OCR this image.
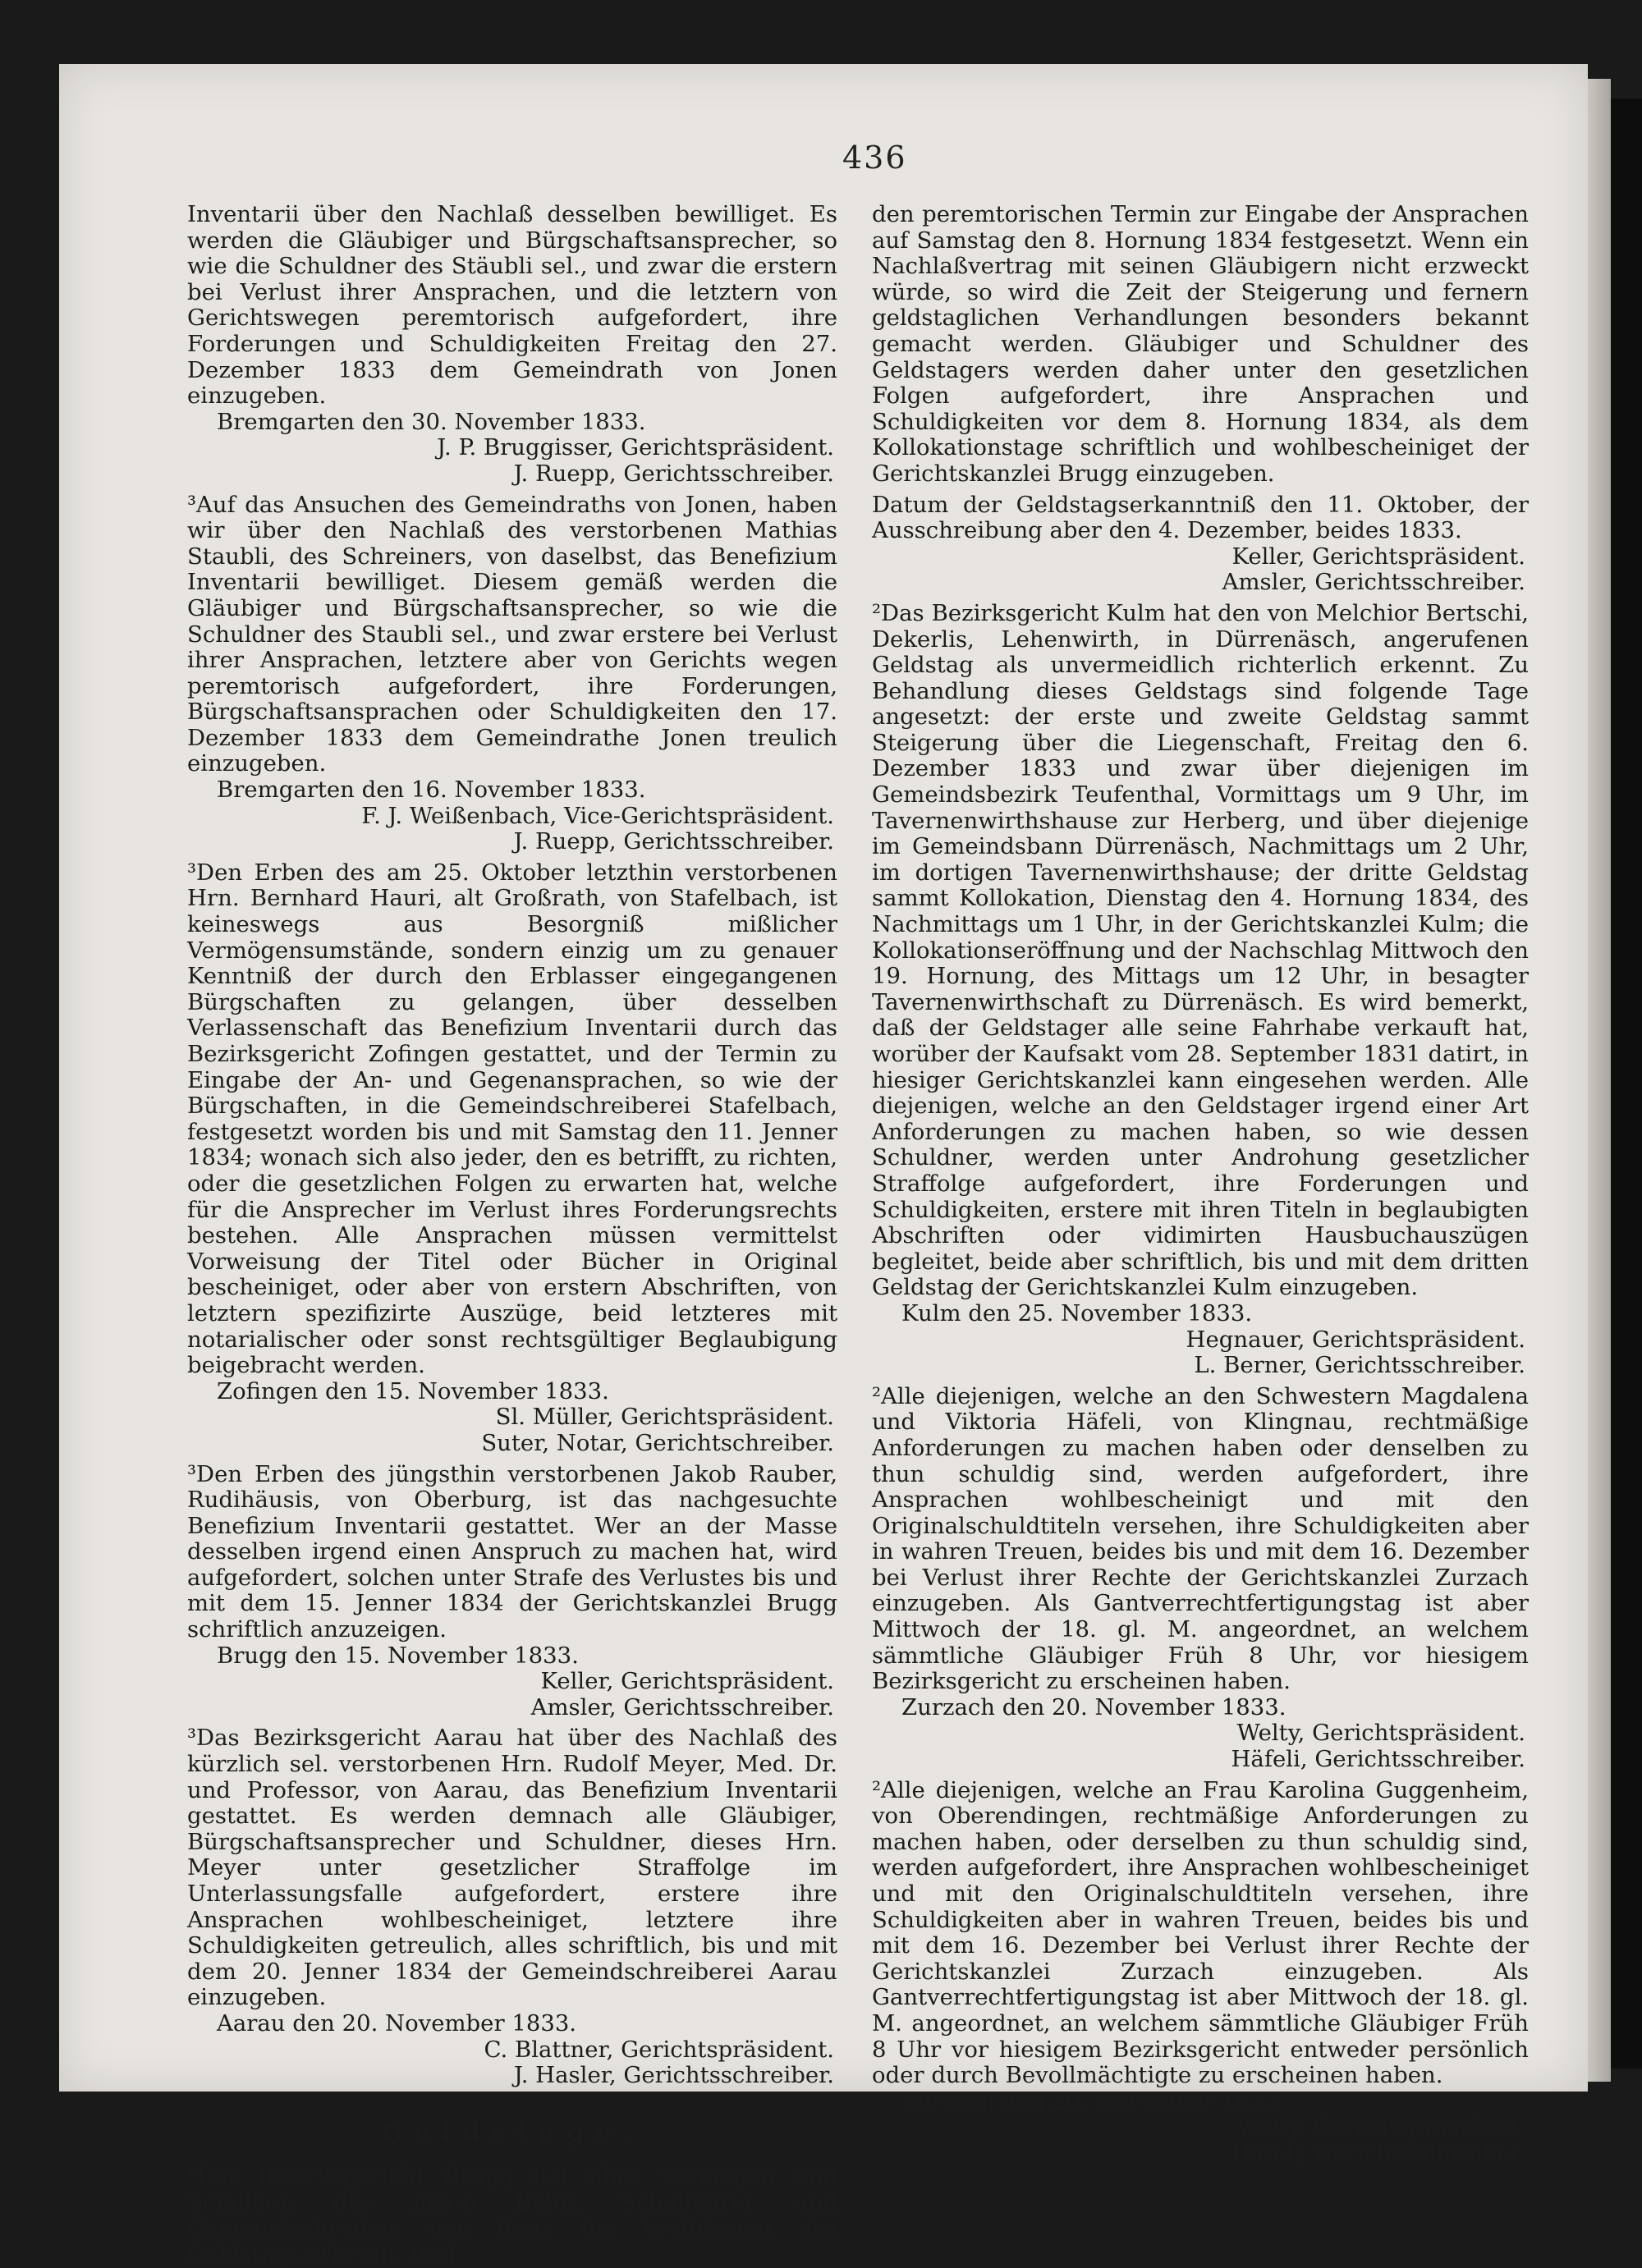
436

Inventarii über den Nachlaß desselben bewilliget. Es werden die Gläubiger und Bürgschaftsansprecher, so wie die Schuldner des Stäubli sel., und zwar die erstern bei Verlust ihrer Ansprachen, und die letztern von Gerichtswegen peremtorisch aufgefordert, ihre Forderungen und Schuldigkeiten Freitag den 27. Dezember 1833 dem Gemeindrath von Jonen einzugeben.

Bremgarten den 30. November 1833.

J. P. Bruggisser, Gerichtspräsident.

J. Ruepp, Gerichtsschreiber.

³Auf das Ansuchen des Gemeindraths von Jonen, haben wir über den Nachlaß des verstorbenen Mathias Staubli, des Schreiners, von daselbst, das Benefizium Inventarii bewilliget. Diesem gemäß werden die Gläubiger und Bürgschaftsansprecher, so wie die Schuldner des Staubli sel., und zwar erstere bei Verlust ihrer Ansprachen, letztere aber von Gerichts wegen peremtorisch aufgefordert, ihre Forderungen, Bürgschaftsansprachen oder Schuldigkeiten den 17. Dezember 1833 dem Gemeindrathe Jonen treulich einzugeben.

Bremgarten den 16. November 1833.

F. J. Weißenbach, Vice-Gerichtspräsident.

J. Ruepp, Gerichtsschreiber.

³Den Erben des am 25. Oktober letzthin verstorbenen Hrn. Bernhard Hauri, alt Großrath, von Stafelbach, ist keineswegs aus Besorgniß mißlicher Vermögensumstände, sondern einzig um zu genauer Kenntniß der durch den Erblasser eingegangenen Bürgschaften zu gelangen, über desselben Verlassenschaft das Benefizium Inventarii durch das Bezirksgericht Zofingen gestattet, und der Termin zu Eingabe der An- und Gegenansprachen, so wie der Bürgschaften, in die Gemeindschreiberei Stafelbach, festgesetzt worden bis und mit Samstag den 11. Jenner 1834; wonach sich also jeder, den es betrifft, zu richten, oder die gesetzlichen Folgen zu erwarten hat, welche für die Ansprecher im Verlust ihres Forderungsrechts bestehen. Alle Ansprachen müssen vermittelst Vorweisung der Titel oder Bücher in Original bescheiniget, oder aber von erstern Abschriften, von letztern spezifizirte Auszüge, beid letzteres mit notarialischer oder sonst rechtsgültiger Beglaubigung beigebracht werden.

Zofingen den 15. November 1833.

Sl. Müller, Gerichtspräsident.

Suter, Notar, Gerichtschreiber.

³Den Erben des jüngsthin verstorbenen Jakob Rauber, Rudihäusis, von Oberburg, ist das nachgesuchte Benefizium Inventarii gestattet. Wer an der Masse desselben irgend einen Anspruch zu machen hat, wird aufgefordert, solchen unter Strafe des Verlustes bis und mit dem 15. Jenner 1834 der Gerichtskanzlei Brugg schriftlich anzuzeigen.

Brugg den 15. November 1833.

Keller, Gerichtspräsident.

Amsler, Gerichtsschreiber.

³Das Bezirksgericht Aarau hat über des Nachlaß des kürzlich sel. verstorbenen Hrn. Rudolf Meyer, Med. Dr. und Professor, von Aarau, das Benefizium Inventarii gestattet. Es werden demnach alle Gläubiger, Bürgschaftsansprecher und Schuldner, dieses Hrn. Meyer unter gesetzlicher Straffolge im Unterlassungsfalle aufgefordert, erstere ihre Ansprachen wohlbescheiniget, letztere ihre Schuldigkeiten getreulich, alles schriftlich, bis und mit dem 20. Jenner 1834 der Gemeindschreiberei Aarau einzugeben.

Aarau den 20. November 1833.

C. Blattner, Gerichtspräsident.

J. Hasler, Gerichtsschreiber.

Geldstage.

¹Das Bezirksgericht Brugg hat über Vermögen und Schulden des Jakob Beldi, Schullehrer und Gemeindschreiber, von Rein, die Verführung des Geldstags erkennt, und

den peremtorischen Termin zur Eingabe der Ansprachen auf Samstag den 8. Hornung 1834 festgesetzt. Wenn ein Nachlaßvertrag mit seinen Gläubigern nicht erzweckt würde, so wird die Zeit der Steigerung und fernern geldstaglichen Verhandlungen besonders bekannt gemacht werden. Gläubiger und Schuldner des Geldstagers werden daher unter den gesetzlichen Folgen aufgefordert, ihre Ansprachen und Schuldigkeiten vor dem 8. Hornung 1834, als dem Kollokationstage schriftlich und wohlbescheiniget der Gerichtskanzlei Brugg einzugeben.

Datum der Geldstagserkanntniß den 11. Oktober, der Ausschreibung aber den 4. Dezember, beides 1833.

Keller, Gerichtspräsident.

Amsler, Gerichtsschreiber.

²Das Bezirksgericht Kulm hat den von Melchior Bertschi, Dekerlis, Lehenwirth, in Dürrenäsch, angerufenen Geldstag als unvermeidlich richterlich erkennt. Zu Behandlung dieses Geldstags sind folgende Tage angesetzt: der erste und zweite Geldstag sammt Steigerung über die Liegenschaft, Freitag den 6. Dezember 1833 und zwar über diejenigen im Gemeindsbezirk Teufenthal, Vormittags um 9 Uhr, im Tavernenwirthshause zur Herberg, und über diejenige im Gemeindsbann Dürrenäsch, Nachmittags um 2 Uhr, im dortigen Tavernenwirthshause; der dritte Geldstag sammt Kollokation, Dienstag den 4. Hornung 1834, des Nachmittags um 1 Uhr, in der Gerichtskanzlei Kulm; die Kollokationseröffnung und der Nachschlag Mittwoch den 19. Hornung, des Mittags um 12 Uhr, in besagter Tavernenwirthschaft zu Dürrenäsch. Es wird bemerkt, daß der Geldstager alle seine Fahrhabe verkauft hat, worüber der Kaufsakt vom 28. September 1831 datirt, in hiesiger Gerichtskanzlei kann eingesehen werden. Alle diejenigen, welche an den Geldstager irgend einer Art Anforderungen zu machen haben, so wie dessen Schuldner, werden unter Androhung gesetzlicher Straffolge aufgefordert, ihre Forderungen und Schuldigkeiten, erstere mit ihren Titeln in beglaubigten Abschriften oder vidimirten Hausbuchauszügen begleitet, beide aber schriftlich, bis und mit dem dritten Geldstag der Gerichtskanzlei Kulm einzugeben.

Kulm den 25. November 1833.

Hegnauer, Gerichtspräsident.

L. Berner, Gerichtsschreiber.

²Alle diejenigen, welche an den Schwestern Magdalena und Viktoria Häfeli, von Klingnau, rechtmäßige Anforderungen zu machen haben oder denselben zu thun schuldig sind, werden aufgefordert, ihre Ansprachen wohlbescheinigt und mit den Originalschuldtiteln versehen, ihre Schuldigkeiten aber in wahren Treuen, beides bis und mit dem 16. Dezember bei Verlust ihrer Rechte der Gerichtskanzlei Zurzach einzugeben. Als Gantverrechtfertigungstag ist aber Mittwoch der 18. gl. M. angeordnet, an welchem sämmtliche Gläubiger Früh 8 Uhr, vor hiesigem Bezirksgericht zu erscheinen haben.

Zurzach den 20. November 1833.

Welty, Gerichtspräsident.

Häfeli, Gerichtsschreiber.

²Alle diejenigen, welche an Frau Karolina Guggenheim, von Oberendingen, rechtmäßige Anforderungen zu machen haben, oder derselben zu thun schuldig sind, werden aufgefordert, ihre Ansprachen wohlbescheiniget und mit den Originalschuldtiteln versehen, ihre Schuldigkeiten aber in wahren Treuen, beides bis und mit dem 16. Dezember bei Verlust ihrer Rechte der Gerichtskanzlei Zurzach einzugeben. Als Gantverrechtfertigungstag ist aber Mittwoch der 18. gl. M. angeordnet, an welchem sämmtliche Gläubiger Früh 8 Uhr vor hiesigem Bezirksgericht entweder persönlich oder durch Bevollmächtigte zu erscheinen haben.

Zurzach den 20. November 1833.

Welty, Gerichtspräsident.

Häfeli, Gerichtsschreiber.
